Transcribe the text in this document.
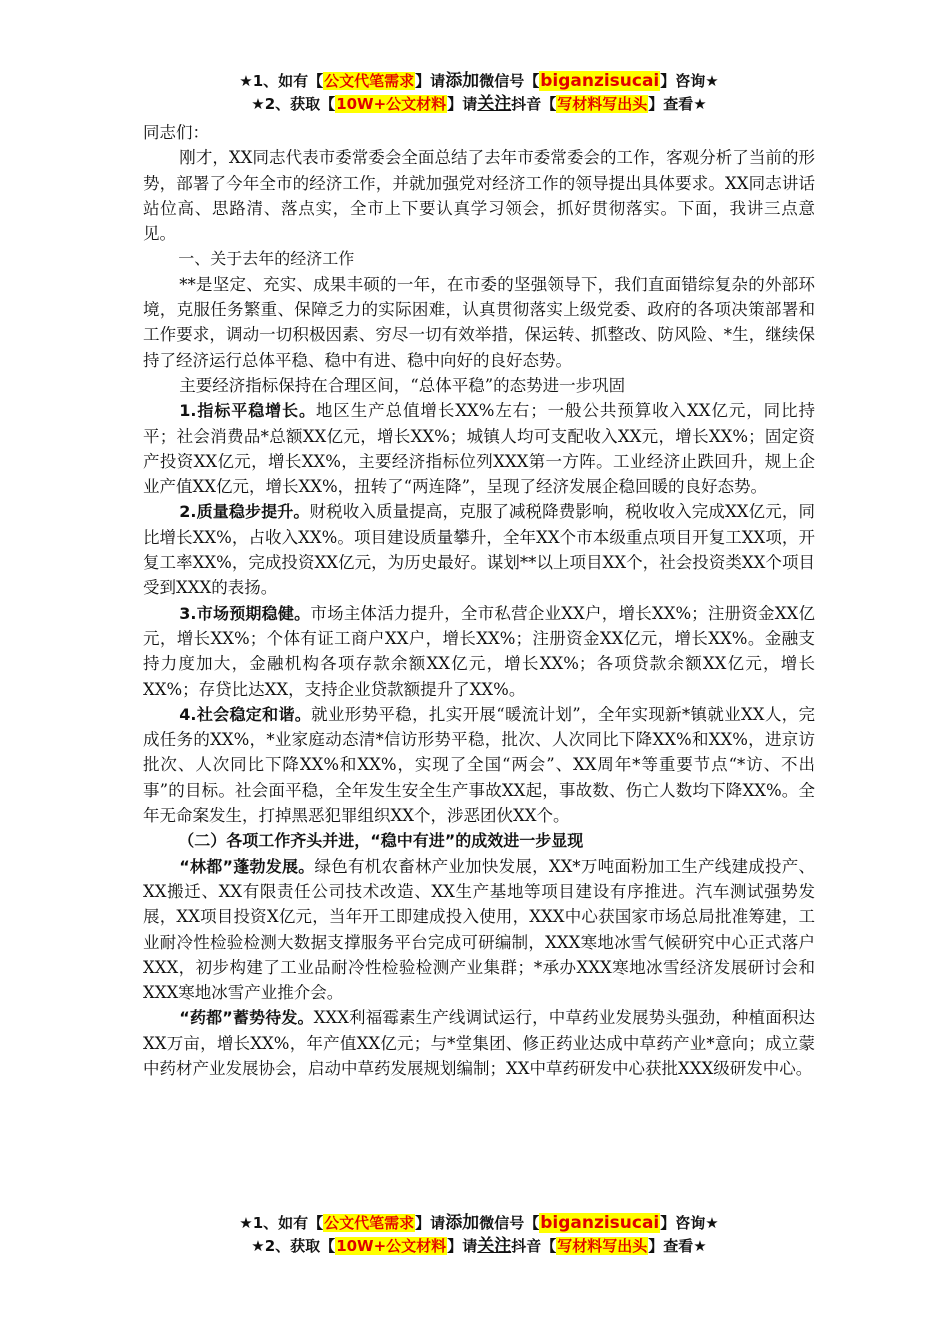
★1、如有【公文代笔需求】请添加微信号【biganzisucai】咨询★
★2、获取【10W+公文材料】请关注抖音【写材料写出头】查看★

同志们：

刚才，XX同志代表市委常委会全面总结了去年市委常委会的工作，客观分析了当前的形势，部署了今年全市的经济工作，并就加强党对经济工作的领导提出具体要求。XX同志讲话站位高、思路清、落点实，全市上下要认真学习领会，抓好贯彻落实。下面，我讲三点意见。

一、关于去年的经济工作

**是坚定、充实、成果丰硕的一年，在市委的坚强领导下，我们直面错综复杂的外部环境，克服任务繁重、保障乏力的实际困难，认真贯彻落实上级党委、政府的各项决策部署和工作要求，调动一切积极因素、穷尽一切有效举措，保运转、抓整改、防风险、*生，继续保持了经济运行总体平稳、稳中有进、稳中向好的良好态势。

主要经济指标保持在合理区间，“总体平稳”的态势进一步巩固

1.指标平稳增长。地区生产总值增长XX%左右；一般公共预算收入XX亿元，同比持平；社会消费品*总额XX亿元，增长XX%；城镇人均可支配收入XX元，增长XX%；固定资产投资XX亿元，增长XX%，主要经济指标位列XXX第一方阵。工业经济止跌回升，规上企业产值XX亿元，增长XX%，扭转了“两连降”，呈现了经济发展企稳回暖的良好态势。

2.质量稳步提升。财税收入质量提高，克服了减税降费影响，税收收入完成XX亿元，同比增长XX%，占收入XX%。项目建设质量攀升，全年XX个市本级重点项目开复工XX项，开复工率XX%，完成投资XX亿元，为历史最好。谋划**以上项目XX个，社会投资类XX个项目受到XXX的表扬。

3.市场预期稳健。市场主体活力提升，全市私营企业XX户，增长XX%；注册资金XX亿元，增长XX%；个体有证工商户XX户，增长XX%；注册资金XX亿元，增长XX%。金融支持力度加大，金融机构各项存款余额XX亿元，增长XX%；各项贷款余额XX亿元，增长XX%；存贷比达XX，支持企业贷款额提升了XX%。

4.社会稳定和谐。就业形势平稳，扎实开展“暖流计划”，全年实现新*镇就业XX人，完成任务的XX%，*业家庭动态清*信访形势平稳，批次、人次同比下降XX%和XX%，进京访批次、人次同比下降XX%和XX%，实现了全国“两会”、XX周年*等重要节点“*访、不出事”的目标。社会面平稳，全年发生安全生产事故XX起，事故数、伤亡人数均下降XX%。全年无命案发生，打掉黑恶犯罪组织XX个，涉恶团伙XX个。

（二）各项工作齐头并进，“稳中有进”的成效进一步显现

“林都”蓬勃发展。绿色有机农畜林产业加快发展，XX*万吨面粉加工生产线建成投产、XX搬迁、XX有限责任公司技术改造、XX生产基地等项目建设有序推进。汽车测试强势发展，XX项目投资X亿元，当年开工即建成投入使用，XXX中心获国家市场总局批准筹建，工业耐冷性检验检测大数据支撑服务平台完成可研编制，XXX寒地冰雪气候研究中心正式落户XXX，初步构建了工业品耐冷性检验检测产业集群；*承办XXX寒地冰雪经济发展研讨会和XXX寒地冰雪产业推介会。

“药都”蓄势待发。XXX利福霉素生产线调试运行，中草药业发展势头强劲，种植面积达XX万亩，增长XX%，年产值XX亿元；与*堂集团、修正药业达成中草药产业*意向；成立蒙中药材产业发展协会，启动中草药发展规划编制；XX中草药研发中心获批XXX级研发中心。

★1、如有【公文代笔需求】请添加微信号【biganzisucai】咨询★
★2、获取【10W+公文材料】请关注抖音【写材料写出头】查看★
